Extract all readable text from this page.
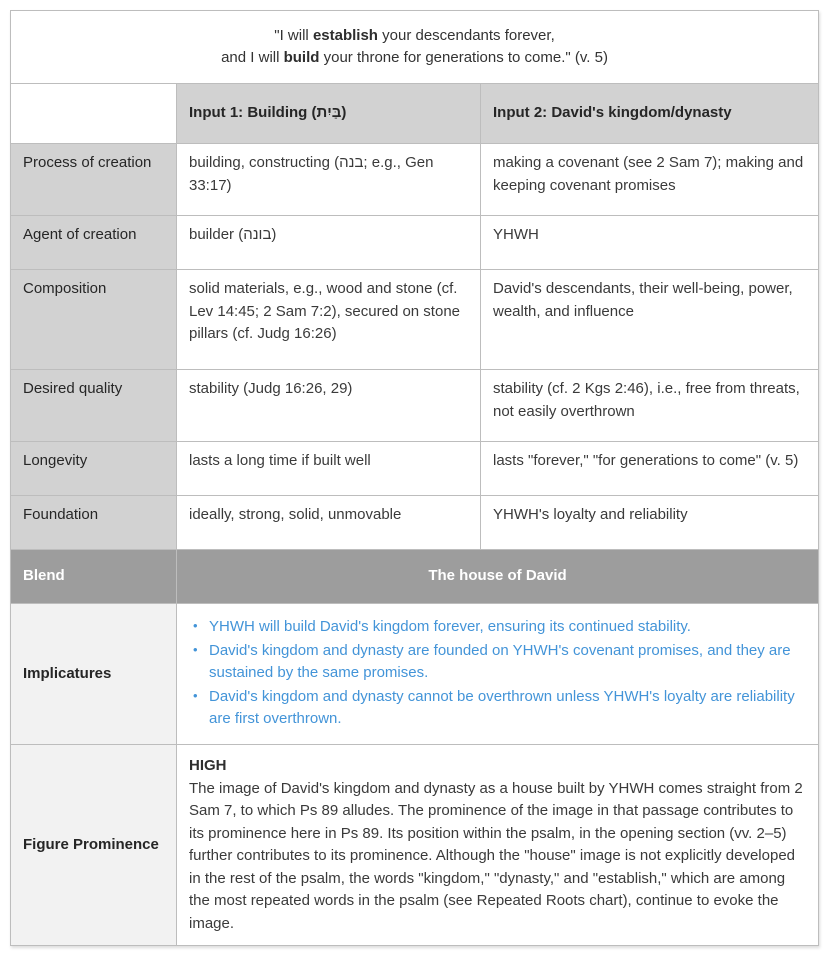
"I will establish your descendants forever,
and I will build your throne for generations to come." (v. 5)		

	Input 1: Building (בַּיִת)	Input 2: David's kingdom/dynasty
Process of creation	building, constructing (בנה; e.g., Gen 33:17)	making a covenant (see 2 Sam 7); making and keeping covenant promises
Agent of creation	builder (בונה)	YHWH
Composition	solid materials, e.g., wood and stone (cf. Lev 14:45; 2 Sam 7:2), secured on stone pillars (cf. Judg 16:26)	David's descendants, their well-being, power, wealth, and influence
Desired quality	stability (Judg 16:26, 29)	stability (cf. 2 Kgs 2:46), i.e., free from threats, not easily overthrown
Longevity	lasts a long time if built well	lasts "forever," "for generations to come" (v. 5)
Foundation	ideally, strong, solid, unmovable	YHWH's loyalty and reliability
Blend	The house of David	
Implicatures	
• YHWH will build David's kingdom forever, ensuring its continued stability.
• David's kingdom and dynasty are founded on YHWH's covenant promises, and they are sustained by the same promises.
• David's kingdom and dynasty cannot be overthrown unless YHWH's loyalty are reliability are first overthrown.

Figure Prominence	HIGH
The image of David's kingdom and dynasty as a house built by YHWH comes straight from 2 Sam 7, to which Ps 89 alludes. The prominence of the image in that passage contributes to its prominence here in Ps 89. Its position within the psalm, in the opening section (vv. 2–5) further contributes to its prominence. Although the "house" image is not explicitly developed in the rest of the psalm, the words "kingdom," "dynasty," and "establish," which are among the most repeated words in the psalm (see Repeated Roots chart), continue to evoke the image.	
